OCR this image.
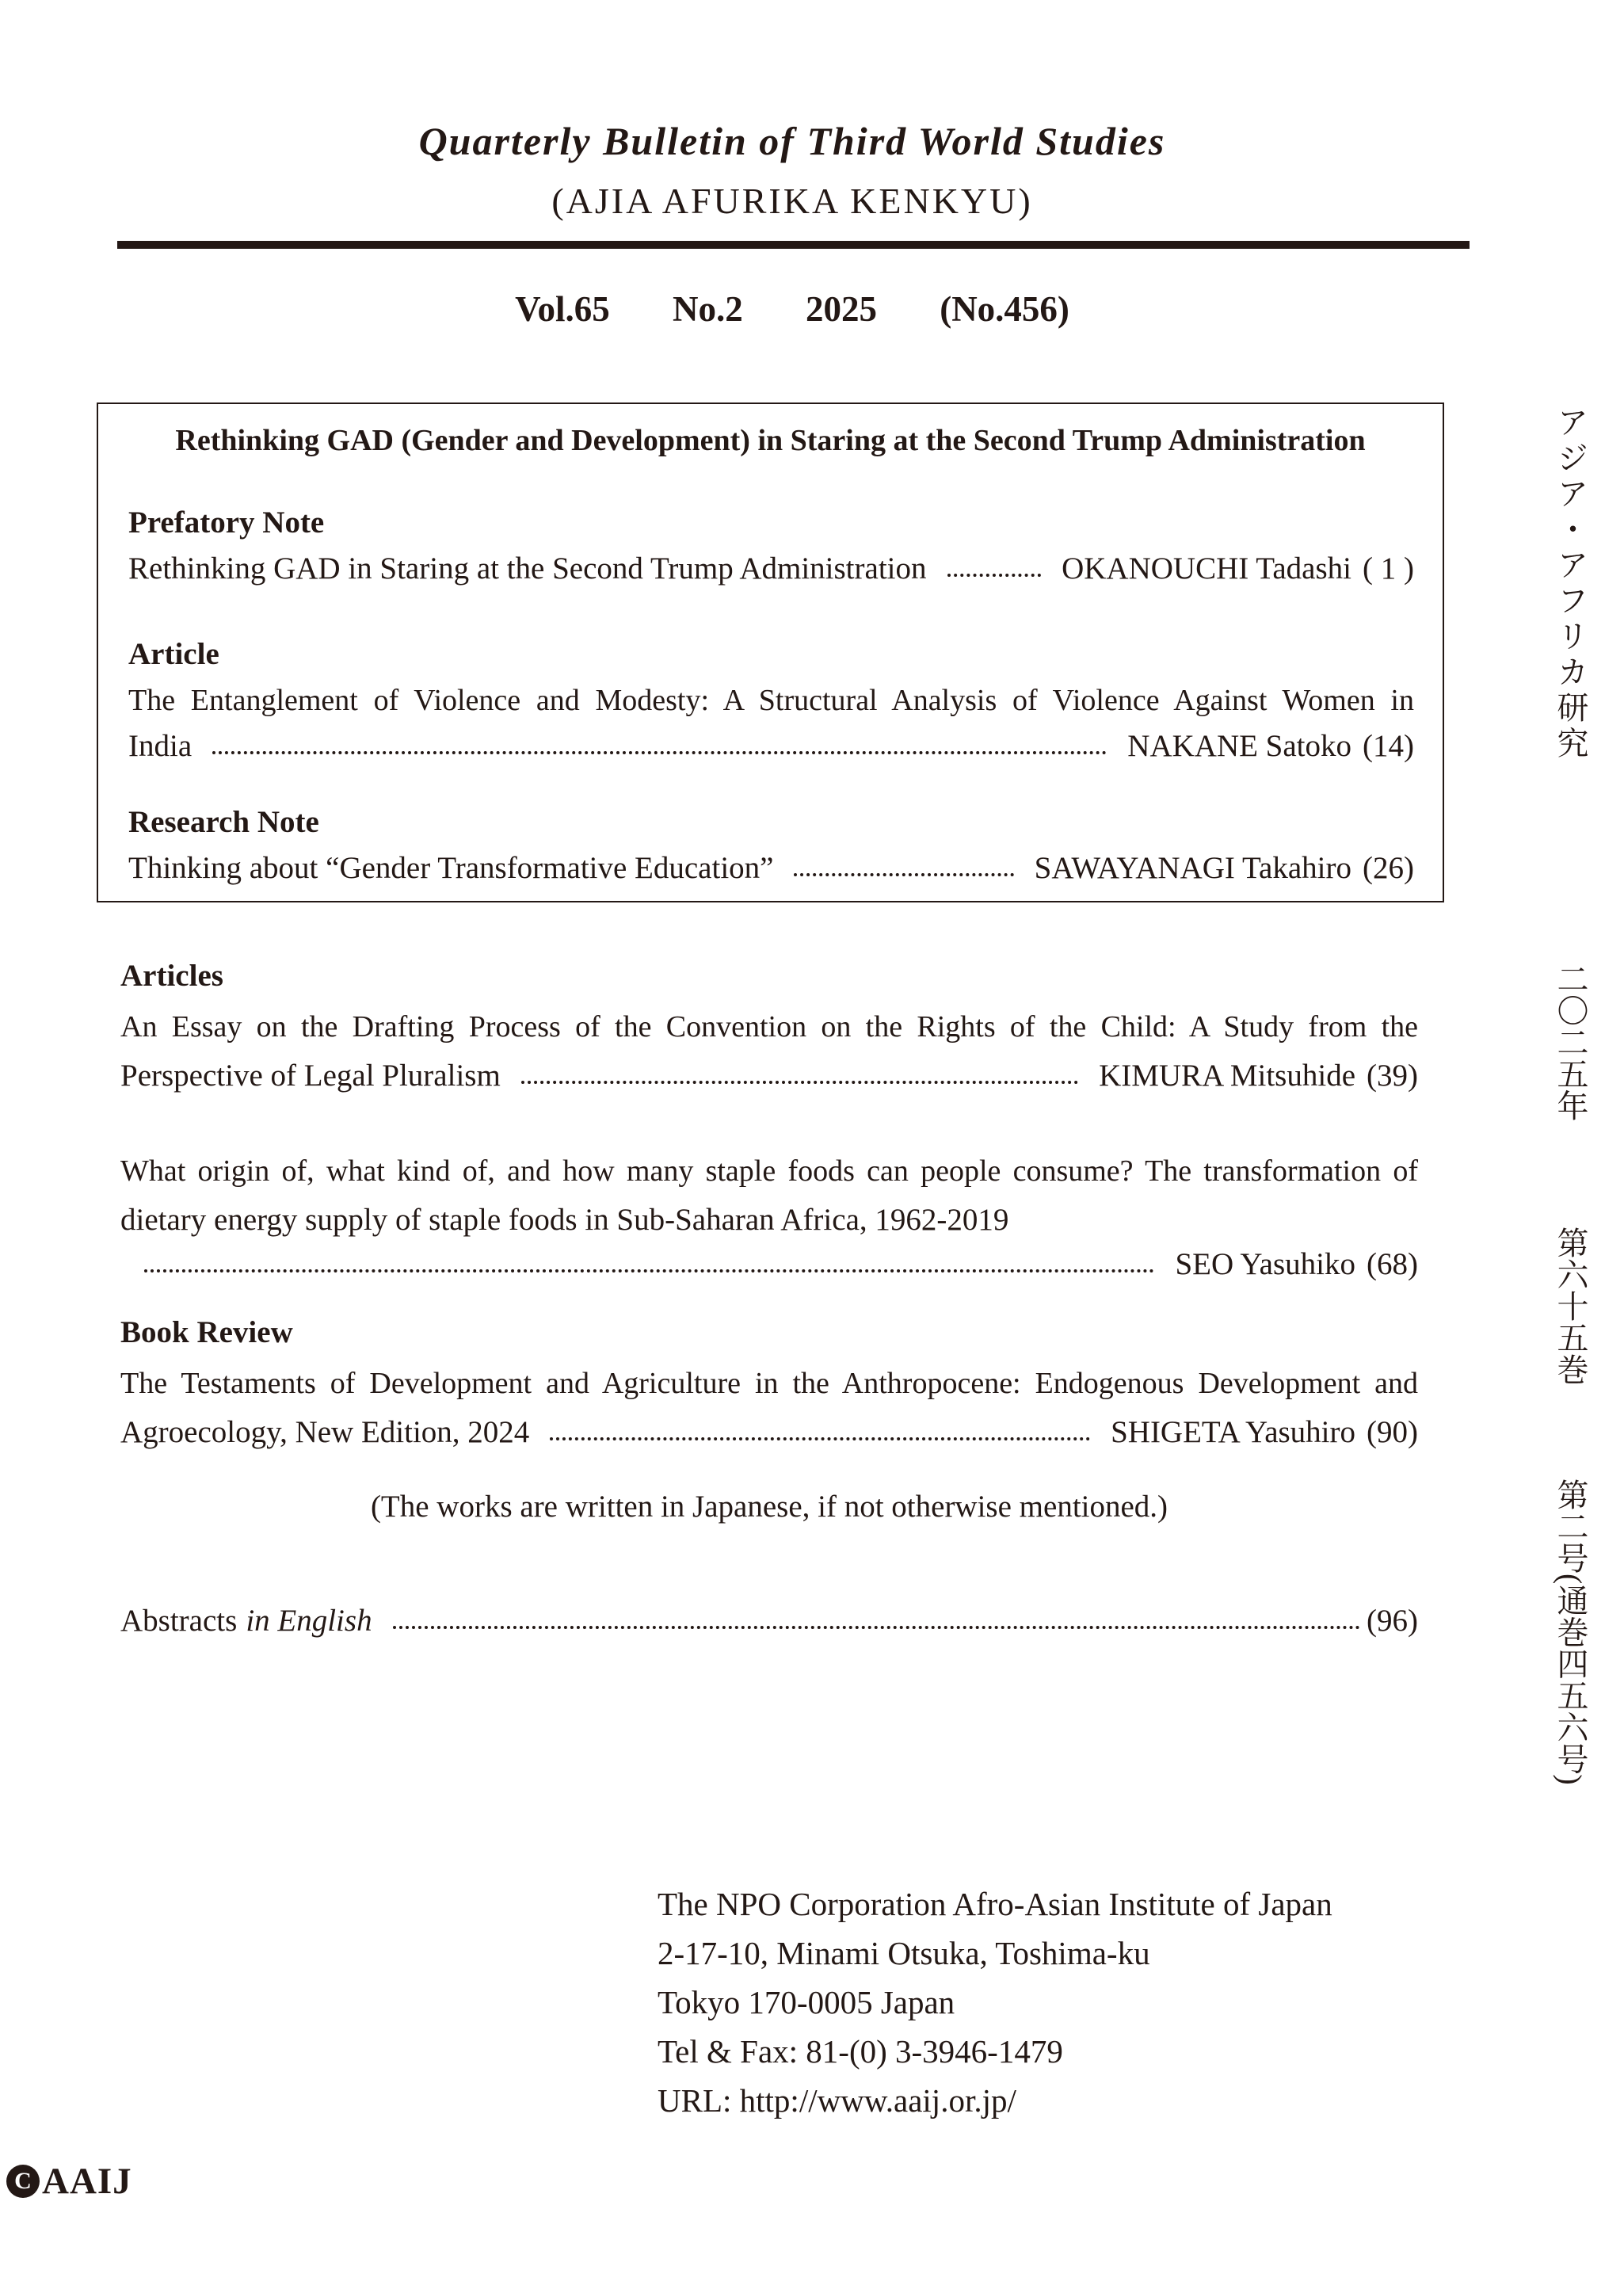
Quarterly Bulletin of Third World Studies
(AJIA AFURIKA KENKYU)
Vol.65 No.2 2025 (No.456)
Rethinking GAD (Gender and Development) in Staring at the Second Trump Administration
Prefatory Note
Rethinking GAD in Staring at the Second Trump Administration	OKANOUCHI Tadashi ( 1 )
Article
The Entanglement of Violence and Modesty: A Structural Analysis of Violence Against Women in
India	NAKANE Satoko (14)
Research Note
Thinking about “Gender Transformative Education”	SAWAYANAGI Takahiro (26)
Articles
An Essay on the Drafting Process of the Convention on the Rights of the Child: A Study from the
Perspective of Legal Pluralism	KIMURA Mitsuhide (39)
What origin of, what kind of, and how many staple foods can people consume? The transformation of
dietary energy supply of staple foods in Sub-Saharan Africa, 1962-2019
SEO Yasuhiko (68)
Book Review
The Testaments of Development and Agriculture in the Anthropocene: Endogenous Development and
Agroecology, New Edition, 2024	SHIGETA Yasuhiro (90)
(The works are written in Japanese, if not otherwise mentioned.)
Abstracts in English	(96)
The NPO Corporation Afro-Asian Institute of Japan
2-17-10, Minami Otsuka, Toshima-ku
Tokyo 170-0005 Japan
Tel & Fax: 81-(0) 3-3946-1479
URL: http://www.aaij.or.jp/
C AAIJ
アジア・アフリカ研究
二〇二五年
第六十五巻
第二号(通巻四五六号)
